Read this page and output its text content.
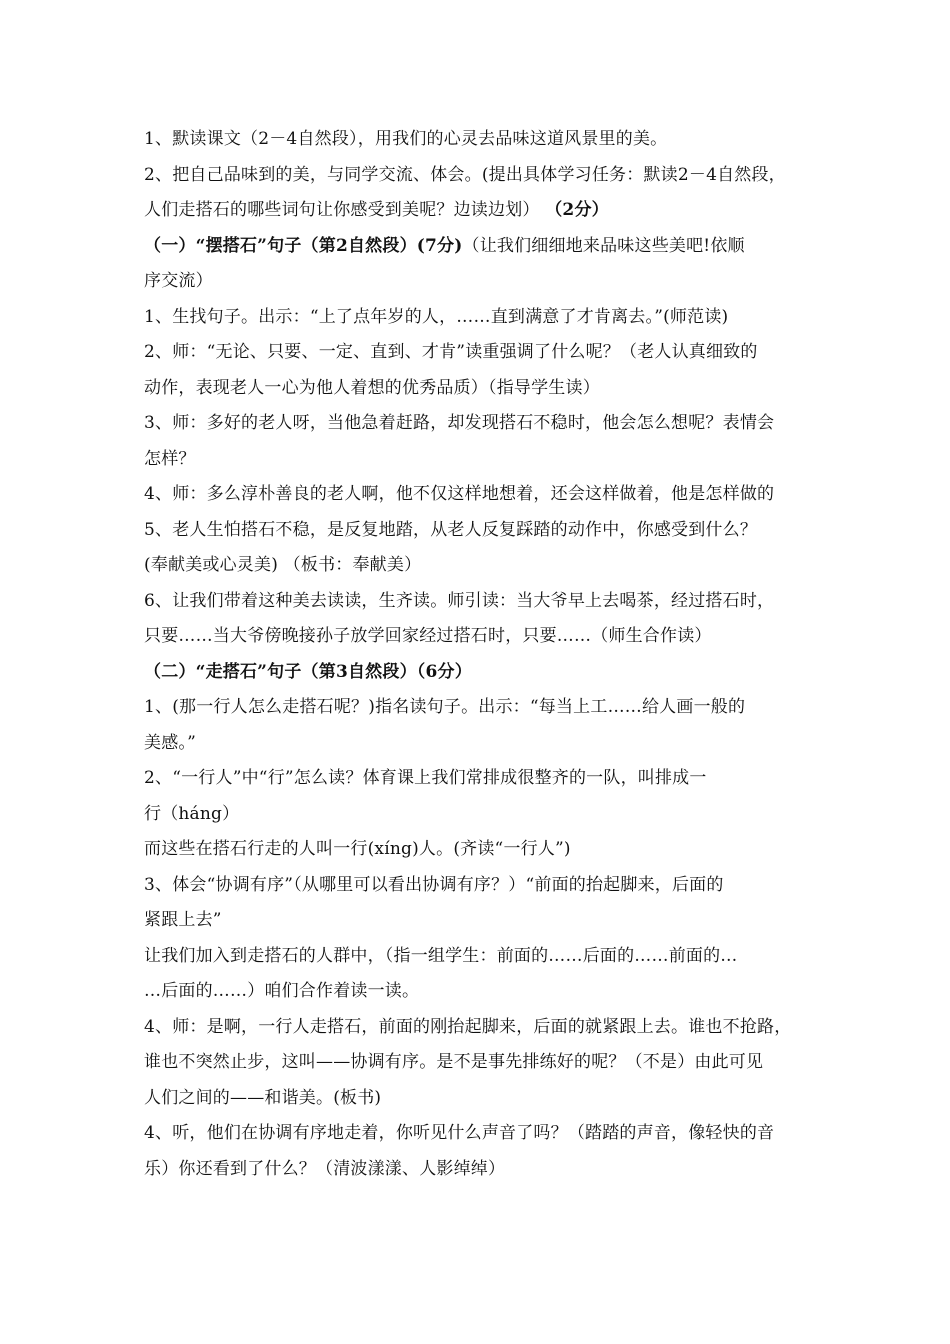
1、默读课文（2－4自然段），用我们的心灵去品味这道风景里的美。
2、把自己品味到的美，与同学交流、体会。(提出具体学习任务：默读2－4自然段，
人们走搭石的哪些词句让你感受到美呢？边读边划） （2分）
（一）“摆搭石”句子（第2自然段）(7分)（让我们细细地来品味这些美吧!依顺
序交流）
1、生找句子。出示：“上了点年岁的人，……直到满意了才肯离去。”(师范读)
2、师：“无论、只要、一定、直到、才肯”读重强调了什么呢？（老人认真细致的
动作，表现老人一心为他人着想的优秀品质）（指导学生读）
3、师：多好的老人呀，当他急着赶路，却发现搭石不稳时，他会怎么想呢？表情会
怎样？
4、师：多么淳朴善良的老人啊，他不仅这样地想着，还会这样做着，他是怎样做的
5、老人生怕搭石不稳，是反复地踏，从老人反复踩踏的动作中，你感受到什么？
(奉献美或心灵美) （板书：奉献美）
6、让我们带着这种美去读读，生齐读。师引读：当大爷早上去喝茶，经过搭石时，
只要……当大爷傍晚接孙子放学回家经过搭石时，只要……（师生合作读）
（二）“走搭石”句子（第3自然段）（6分）
1、(那一行人怎么走搭石呢？)指名读句子。出示：“每当上工……给人画一般的
美感。”
2、“一行人”中“行”怎么读？体育课上我们常排成很整齐的一队，叫排成一
行（háng）
而这些在搭石行走的人叫一行(xíng)人。(齐读“一行人”)
3、体会“协调有序”（从哪里可以看出协调有序？）“前面的抬起脚来，后面的
紧跟上去”
让我们加入到走搭石的人群中，（指一组学生：前面的……后面的……前面的…
…后面的……）咱们合作着读一读。
4、师：是啊，一行人走搭石，前面的刚抬起脚来，后面的就紧跟上去。谁也不抢路，
谁也不突然止步，这叫——协调有序。是不是事先排练好的呢？（不是）由此可见
人们之间的——和谐美。(板书)
4、听，他们在协调有序地走着，你听见什么声音了吗？（踏踏的声音，像轻快的音
乐）你还看到了什么？（清波漾漾、人影绰绰）
